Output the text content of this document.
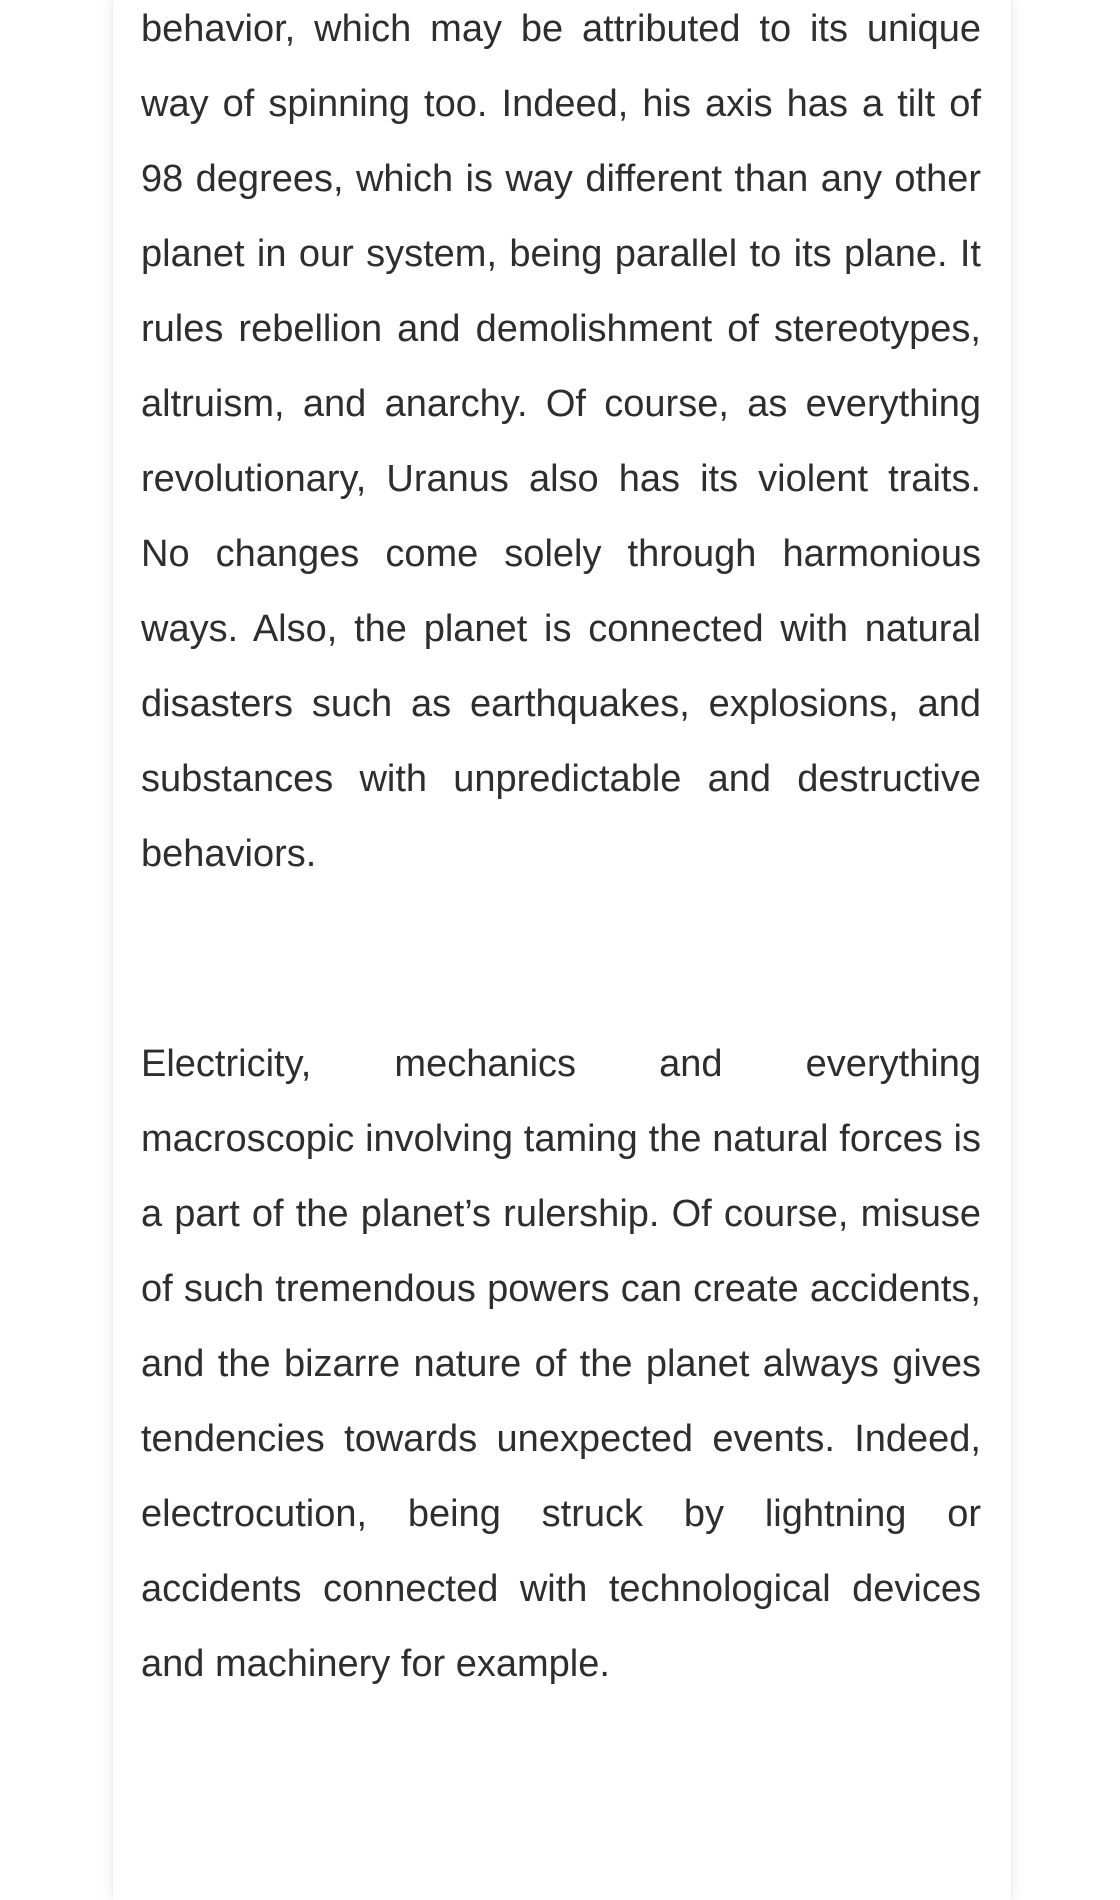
behavior, which may be attributed to its unique way of spinning too. Indeed, his axis has a tilt of 98 degrees, which is way different than any other planet in our system, being parallel to its plane. It rules rebellion and demolishment of stereotypes, altruism, and anarchy. Of course, as everything revolutionary, Uranus also has its violent traits. No changes come solely through harmonious ways. Also, the planet is connected with natural disasters such as earthquakes, explosions, and substances with unpredictable and destructive behaviors.

Electricity, mechanics and everything macroscopic involving taming the natural forces is a part of the planet’s rulership. Of course, misuse of such tremendous powers can create accidents, and the bizarre nature of the planet always gives tendencies towards unexpected events. Indeed, electrocution, being struck by lightning or accidents connected with technological devices and machinery for example.
